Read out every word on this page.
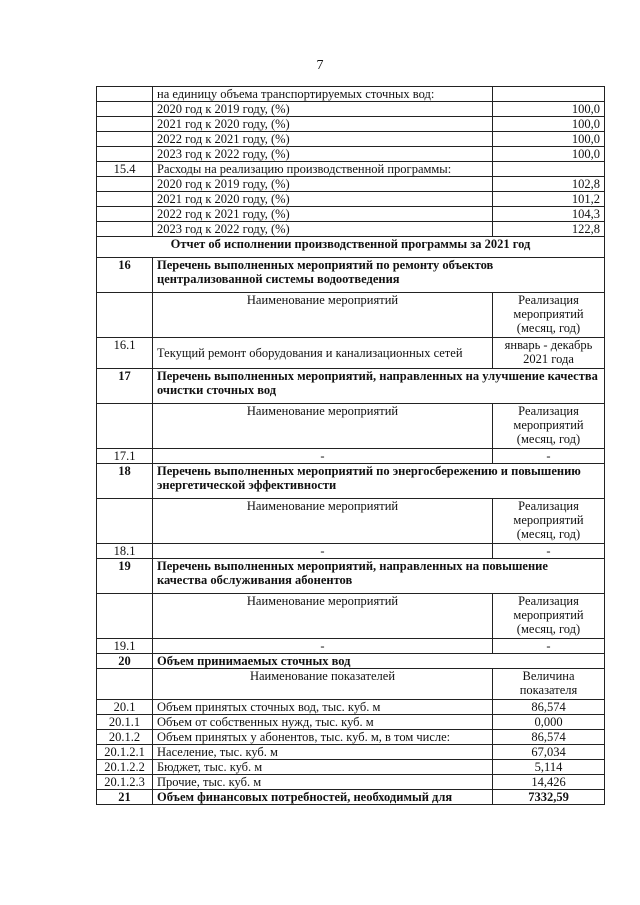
7
	на единицу объема транспортируемых сточных вод:	
	2020 год к 2019 году, (%)	100,0
	2021 год к 2020 году, (%)	100,0
	2022 год к 2021 году, (%)	100,0
	2023 год к 2022 году, (%)	100,0
15.4	Расходы на реализацию производственной программы:	
	2020 год к 2019 году, (%)	102,8
	2021 год к 2020 году, (%)	101,2
	2022 год к 2021 году, (%)	104,3
	2023 год к 2022 году, (%)	122,8
Отчет об исполнении производственной программы за 2021 год		
16	Перечень выполненных мероприятий по ремонту объектов централизованной системы водоотведения	
	Наименование мероприятий	Реализация мероприятий (месяц, год)
16.1	Текущий ремонт оборудования и канализационных сетей	январь - декабрь 2021 года
17	Перечень выполненных мероприятий, направленных на улучшение качества очистки сточных вод	
	Наименование мероприятий	Реализация мероприятий (месяц, год)
17.1	-	-
18	Перечень выполненных мероприятий по энергосбережению и повышению энергетической эффективности	
	Наименование мероприятий	Реализация мероприятий (месяц, год)
18.1	-	-
19	Перечень выполненных мероприятий, направленных на повышение качества обслуживания абонентов	
	Наименование мероприятий	Реализация мероприятий (месяц, год)
19.1	-	-
20	Объем принимаемых сточных вод	
	Наименование показателей	Величина показателя
20.1	Объем принятых сточных вод, тыс. куб. м	86,574
20.1.1	Объем от собственных нужд, тыс. куб. м	0,000
20.1.2	Объем принятых у абонентов, тыс. куб. м, в том числе:	86,574
20.1.2.1	Население, тыс. куб. м	67,034
20.1.2.2	Бюджет, тыс. куб. м	5,114
20.1.2.3	Прочие, тыс. куб. м	14,426
21	Объем финансовых потребностей, необходимый для	7332,59
